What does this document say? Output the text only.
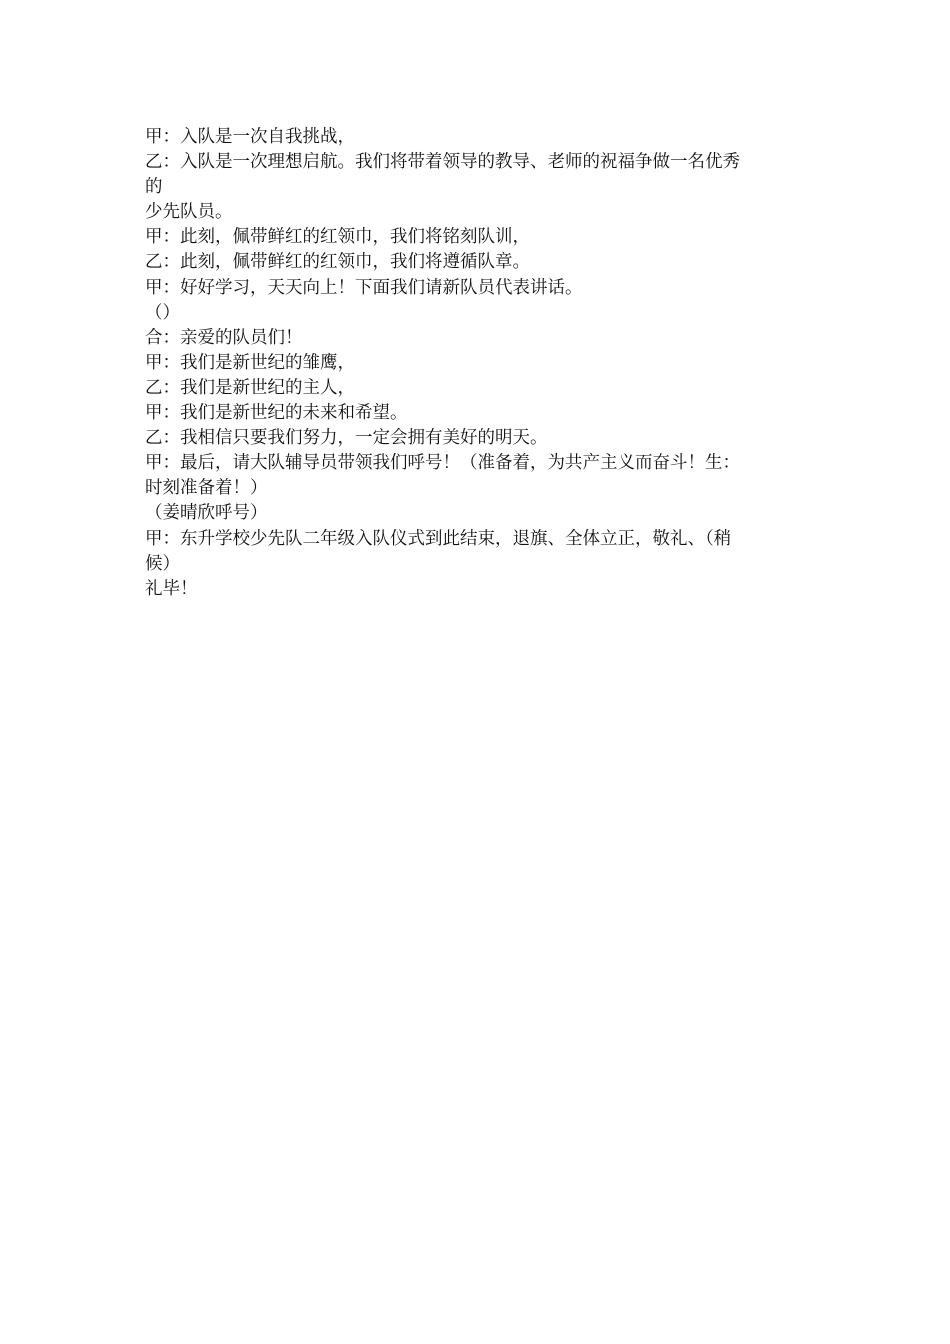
甲：入队是一次自我挑战，
乙：入队是一次理想启航。我们将带着领导的教导、老师的祝福争做一名优秀
的
少先队员。
甲：此刻，佩带鲜红的红领巾，我们将铭刻队训，
乙：此刻，佩带鲜红的红领巾，我们将遵循队章。
甲：好好学习，天天向上！下面我们请新队员代表讲话。
（）
合：亲爱的队员们！
甲：我们是新世纪的雏鹰，
乙：我们是新世纪的主人，
甲：我们是新世纪的未来和希望。
乙：我相信只要我们努力，一定会拥有美好的明天。
甲：最后，请大队辅导员带领我们呼号！（准备着，为共产主义而奋斗！生：
时刻准备着！）
（姜晴欣呼号）
甲：东升学校少先队二年级入队仪式到此结束，退旗、全体立正，敬礼、（稍
候）
礼毕！
